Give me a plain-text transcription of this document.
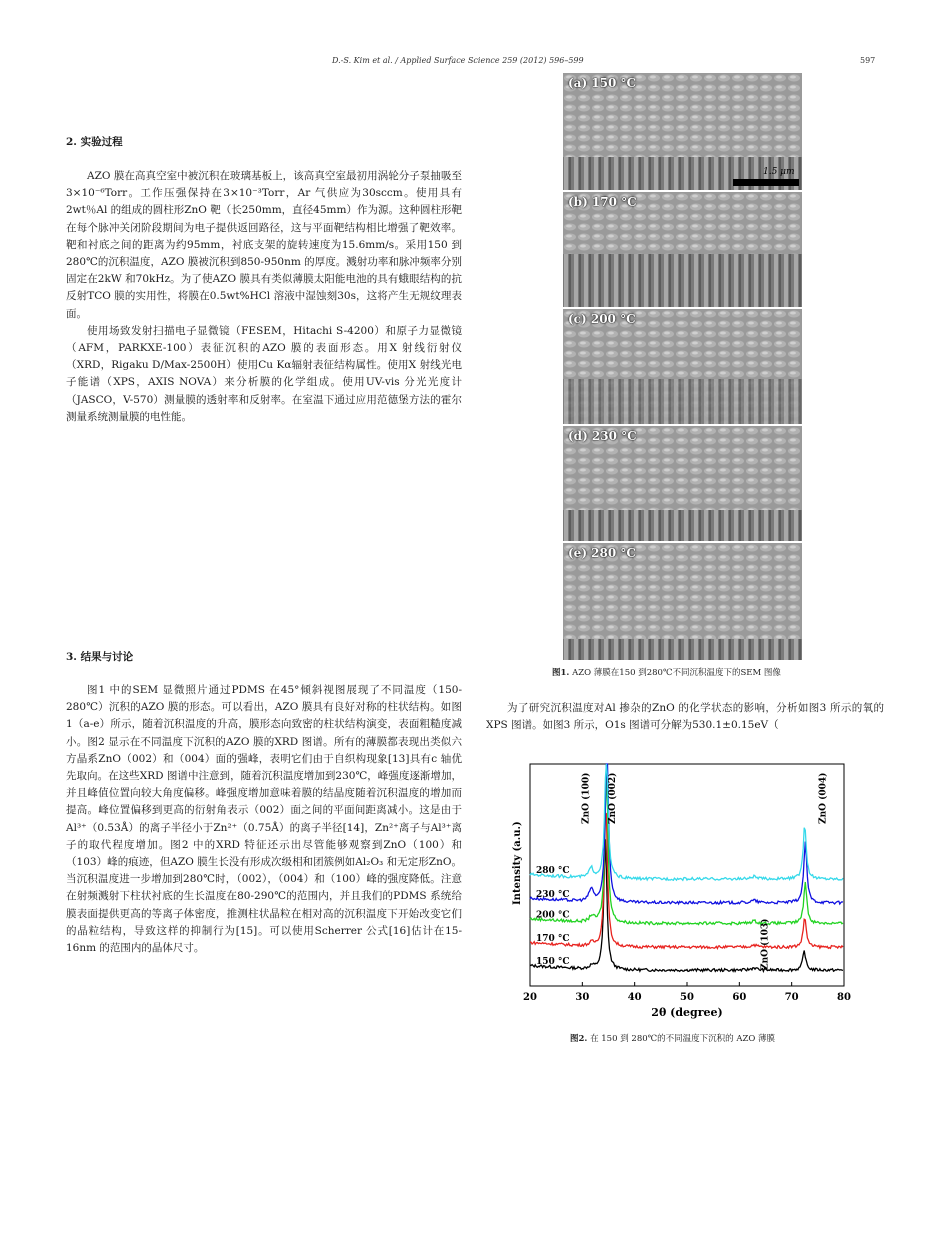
D.-S. Kim et al. / Applied Surface Science 259 (2012) 596–599	597
2. 实验过程

AZO 膜在高真空室中被沉积在玻璃基板上，该高真空室最初用涡轮分子泵抽吸至3×10⁻⁶Torr。工作压强保持在3×10⁻³Torr，Ar 气供应为30sccm。使用具有2wt％Al 的组成的圆柱形ZnO 靶（长250mm，直径45mm）作为源。这种圆柱形靶在每个脉冲关闭阶段期间为电子提供返回路径，这与平面靶结构相比增强了靶效率。靶和衬底之间的距离为约95mm，衬底支架的旋转速度为15.6mm/s。采用150 到280℃的沉积温度，AZO 膜被沉积到850-950nm 的厚度。溅射功率和脉冲频率分别固定在2kW 和70kHz。为了使AZO 膜具有类似薄膜太阳能电池的具有蛾眼结构的抗反射TCO 膜的实用性，将膜在0.5wt%HCl 溶液中湿蚀刻30s，这将产生无规纹理表面。

使用场致发射扫描电子显微镜（FESEM，Hitachi S-4200）和原子力显微镜（AFM，PARKXE-100）表征沉积的AZO 膜的表面形态。用X 射线衍射仪（XRD，Rigaku D/Max-2500H）使用Cu Kα辐射表征结构属性。使用X 射线光电子能谱（XPS，AXIS NOVA）来分析膜的化学组成。使用UV-vis 分光光度计（JASCO，V-570）测量膜的透射率和反射率。在室温下通过应用范德堡方法的霍尔测量系统测量膜的电性能。

3. 结果与讨论

图1 中的SEM 显微照片通过PDMS 在45°倾斜视图展现了不同温度（150-280℃）沉积的AZO 膜的形态。可以看出，AZO 膜具有良好对称的柱状结构。如图1（a-e）所示，随着沉积温度的升高，膜形态向致密的柱状结构演变，表面粗糙度减小。图2 显示在不同温度下沉积的AZO 膜的XRD 图谱。所有的薄膜都表现出类似六方晶系ZnO（002）和（004）面的强峰，表明它们由于自织构现象[13]具有c 轴优先取向。在这些XRD 图谱中注意到，随着沉积温度增加到230℃，峰强度逐渐增加，并且峰值位置向较大角度偏移。峰强度增加意味着膜的结晶度随着沉积温度的增加而提高。峰位置偏移到更高的衍射角表示（002）面之间的平面间距离减小。这是由于Al³⁺（0.53Å）的离子半径小于Zn²⁺（0.75Å）的离子半径[14]，Zn²⁺离子与Al³⁺离子的取代程度增加。图2 中的XRD 特征还示出尽管能够观察到ZnO（100）和（103）峰的痕迹，但AZO 膜生长没有形成次级相和团簇例如Al₂O₃ 和无定形ZnO。当沉积温度进一步增加到280℃时，（002），（004）和（100）峰的强度降低。注意在射频溅射下柱状衬底的生长温度在80-290℃的范围内，并且我们的PDMS 系统给膜表面提供更高的等离子体密度，推测柱状晶粒在相对高的沉积温度下开始改变它们的晶粒结构，导致这样的抑制行为[15]。可以使用Scherrer 公式[16]估计在15-16nm 的范围内的晶体尺寸。

为了研究沉积温度对Al 掺杂的ZnO 的化学状态的影响，分析如图3 所示的氧的XPS 图谱。如图3 所示，O1s 图谱可分解为530.1±0.15eV（

(a) 150 °C
1.5 μm
(b) 170 °C
(c) 200 °C
(d) 230 °C
(e) 280 °C
图1. AZO 薄膜在150 到280℃不同沉积温度下的SEM 图像
20	30	40	50	60	70	80
2θ (degree)
Intensity (a.u.)
150 °C
170 °C
200 °C
230 °C
280 °C
ZnO (100) ZnO (002)	ZnO (004)
ZnO (103)
图2. 在 150 到 280℃的不同温度下沉积的 AZO 薄膜
